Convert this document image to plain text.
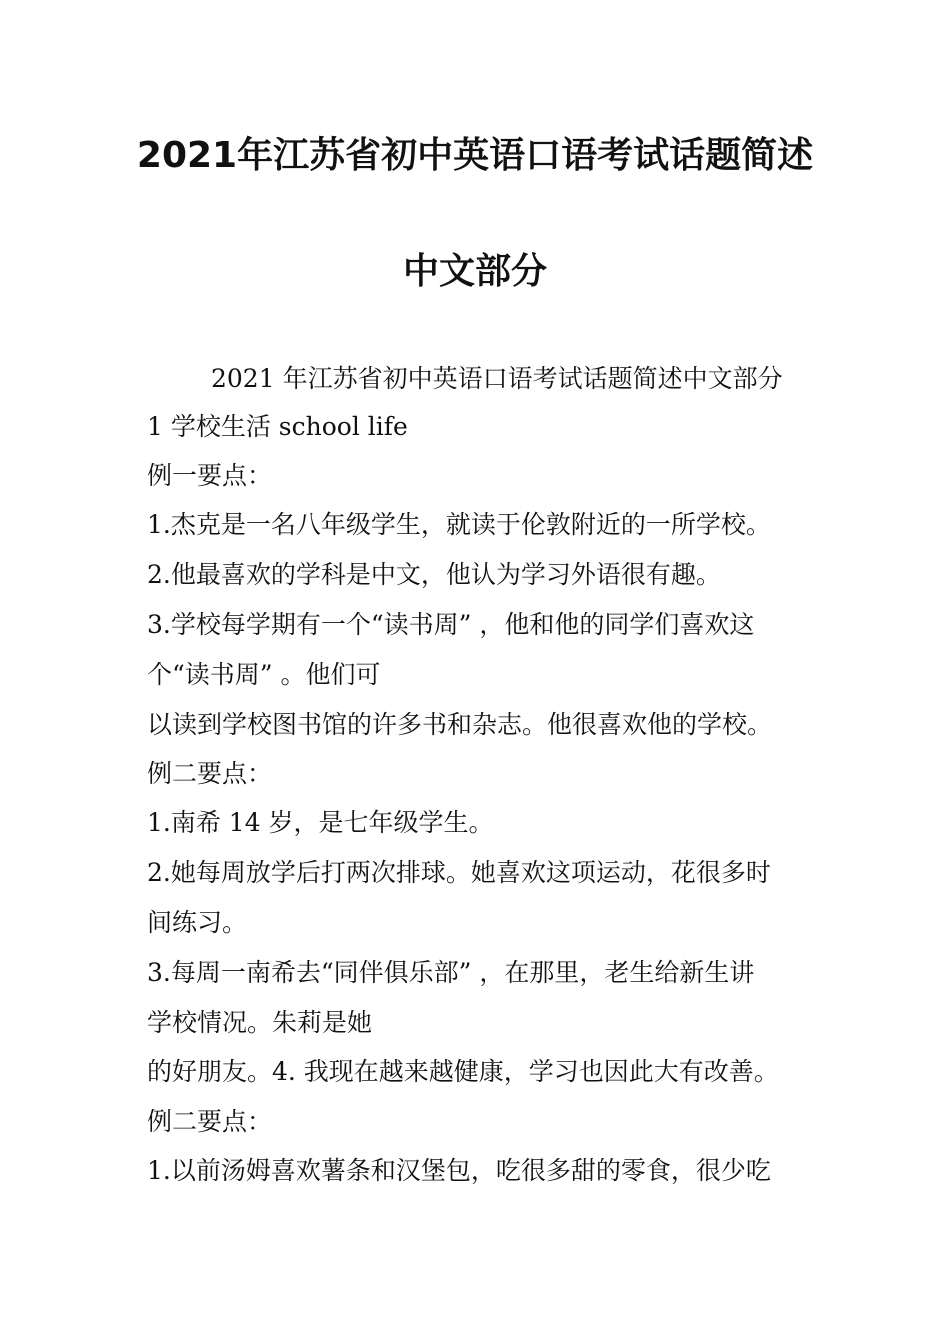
2021年江苏省初中英语口语考试话题简述
中文部分
2021 年江苏省初中英语口语考试话题简述中文部分
1 学校生活 school life
例一要点：
1.杰克是一名八年级学生，就读于伦敦附近的一所学校。
2.他最喜欢的学科是中文，他认为学习外语很有趣。
3.学校每学期有一个“读书周” ，他和他的同学们喜欢这
个“读书周” 。他们可
以读到学校图书馆的许多书和杂志。他很喜欢他的学校。
例二要点：
1.南希 14 岁，是七年级学生。
2.她每周放学后打两次排球。她喜欢这项运动，花很多时
间练习。
3.每周一南希去“同伴俱乐部” ，在那里，老生给新生讲
学校情况。朱莉是她
的好朋友。4. 我现在越来越健康，学习也因此大有改善。
例二要点：
1.以前汤姆喜欢薯条和汉堡包，吃很多甜的零食，很少吃
